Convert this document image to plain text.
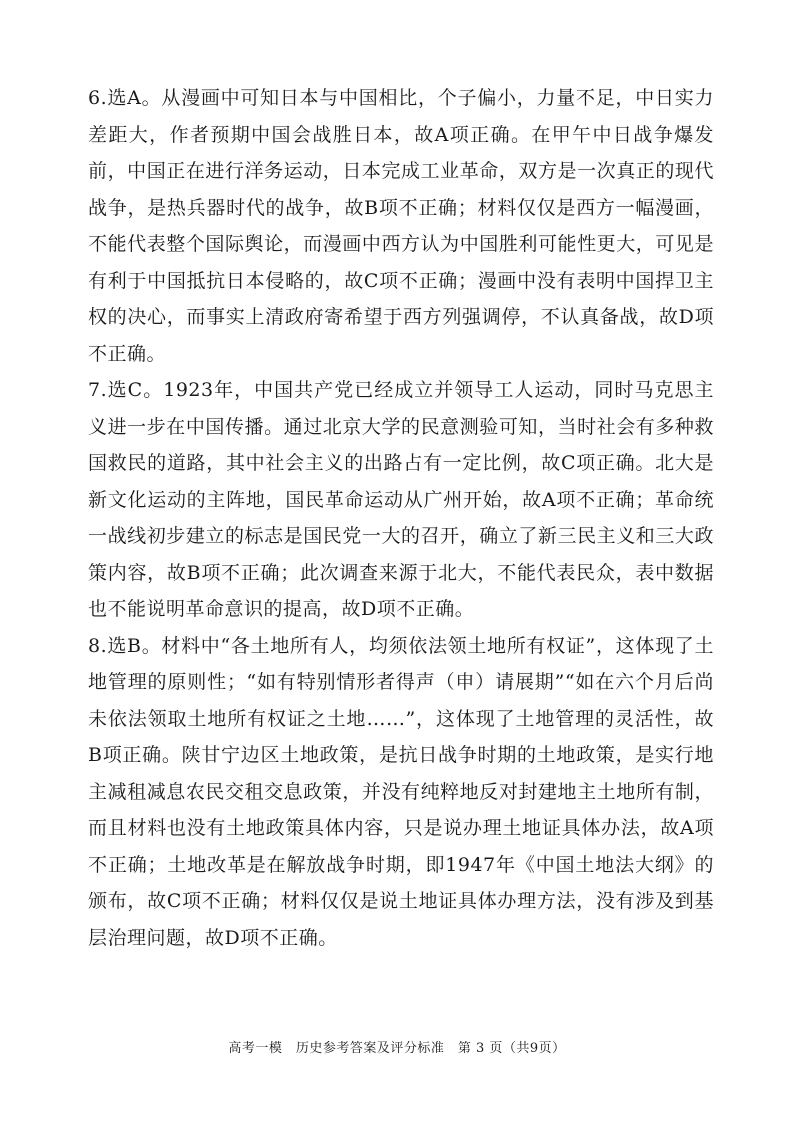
6.选A。从漫画中可知日本与中国相比，个子偏小，力量不足，中日实力差距大，作者预期中国会战胜日本，故A项正确。在甲午中日战争爆发前，中国正在进行洋务运动，日本完成工业革命，双方是一次真正的现代战争，是热兵器时代的战争，故B项不正确；材料仅仅是西方一幅漫画，不能代表整个国际舆论，而漫画中西方认为中国胜利可能性更大，可见是有利于中国抵抗日本侵略的，故C项不正确；漫画中没有表明中国捍卫主权的决心，而事实上清政府寄希望于西方列强调停，不认真备战，故D项不正确。

7.选C。1923年，中国共产党已经成立并领导工人运动，同时马克思主义进一步在中国传播。通过北京大学的民意测验可知，当时社会有多种救国救民的道路，其中社会主义的出路占有一定比例，故C项正确。北大是新文化运动的主阵地，国民革命运动从广州开始，故A项不正确；革命统一战线初步建立的标志是国民党一大的召开，确立了新三民主义和三大政策内容，故B项不正确；此次调查来源于北大，不能代表民众，表中数据也不能说明革命意识的提高，故D项不正确。

8.选B。材料中“各土地所有人，均须依法领土地所有权证”，这体现了土地管理的原则性；“如有特别情形者得声（申）请展期”“如在六个月后尚未依法领取土地所有权证之土地……”，这体现了土地管理的灵活性，故B项正确。陕甘宁边区土地政策，是抗日战争时期的土地政策，是实行地主减租减息农民交租交息政策，并没有纯粹地反对封建地主土地所有制，而且材料也没有土地政策具体内容，只是说办理土地证具体办法，故A项不正确；土地改革是在解放战争时期，即1947年《中国土地法大纲》的颁布，故C项不正确；材料仅仅是说土地证具体办理方法，没有涉及到基层治理问题，故D项不正确。

高考一模　历史参考答案及评分标准　第 3 页（共9页）
